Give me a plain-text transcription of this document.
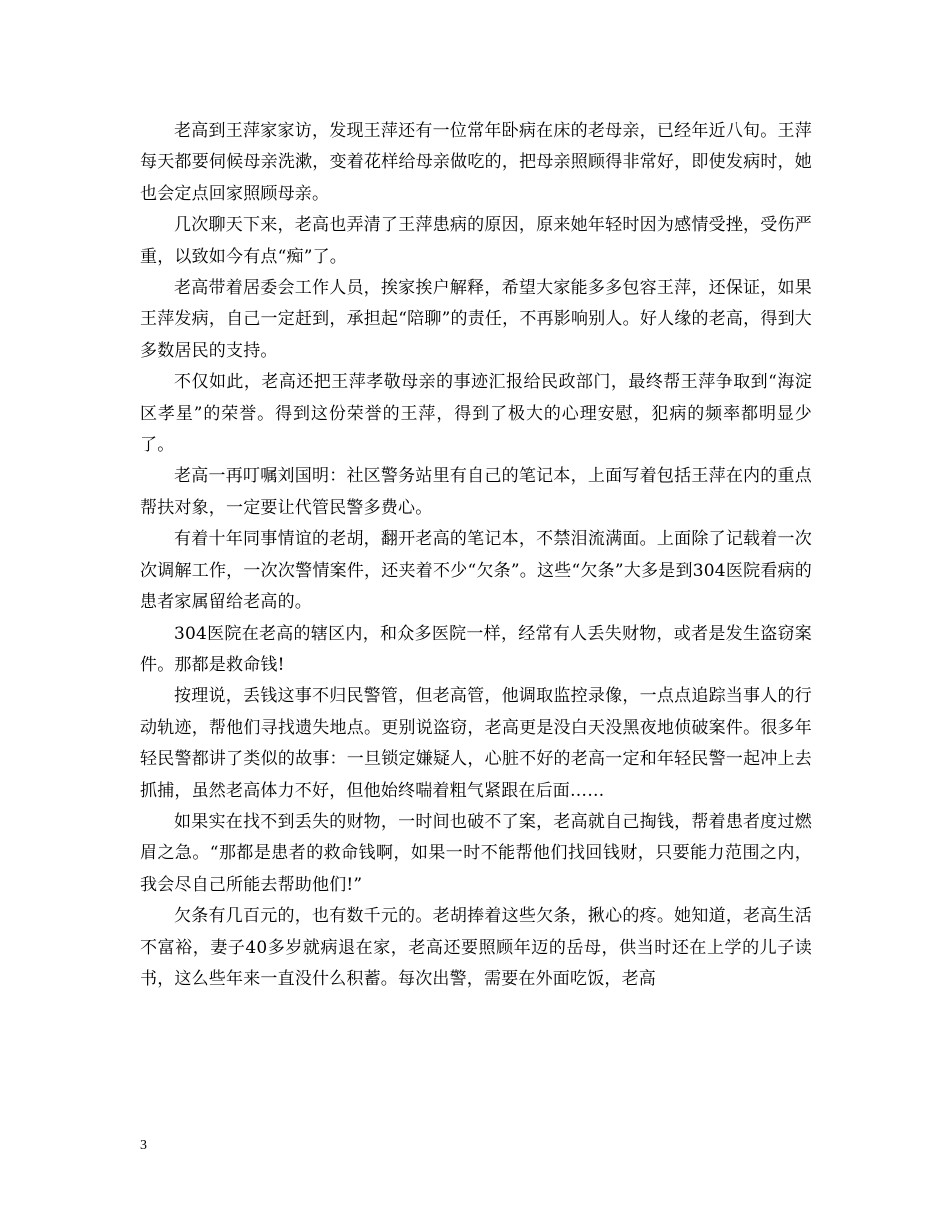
老高到王萍家家访，发现王萍还有一位常年卧病在床的老母亲，已经年近八旬。王萍每天都要伺候母亲洗漱，变着花样给母亲做吃的，把母亲照顾得非常好，即使发病时，她也会定点回家照顾母亲。

几次聊天下来，老高也弄清了王萍患病的原因，原来她年轻时因为感情受挫，受伤严重，以致如今有点“痴”了。

老高带着居委会工作人员，挨家挨户解释，希望大家能多多包容王萍，还保证，如果王萍发病，自己一定赶到，承担起“陪聊”的责任，不再影响别人。好人缘的老高，得到大多数居民的支持。

不仅如此，老高还把王萍孝敬母亲的事迹汇报给民政部门，最终帮王萍争取到“海淀区孝星”的荣誉。得到这份荣誉的王萍，得到了极大的心理安慰，犯病的频率都明显少了。

老高一再叮嘱刘国明：社区警务站里有自己的笔记本，上面写着包括王萍在内的重点帮扶对象，一定要让代管民警多费心。

有着十年同事情谊的老胡，翻开老高的笔记本，不禁泪流满面。上面除了记载着一次次调解工作，一次次警情案件，还夹着不少“欠条”。这些“欠条”大多是到304医院看病的患者家属留给老高的。

304医院在老高的辖区内，和众多医院一样，经常有人丢失财物，或者是发生盗窃案件。那都是救命钱!

按理说，丢钱这事不归民警管，但老高管，他调取监控录像，一点点追踪当事人的行动轨迹，帮他们寻找遗失地点。更别说盗窃，老高更是没白天没黑夜地侦破案件。很多年轻民警都讲了类似的故事：一旦锁定嫌疑人，心脏不好的老高一定和年轻民警一起冲上去抓捕，虽然老高体力不好，但他始终喘着粗气紧跟在后面……

如果实在找不到丢失的财物，一时间也破不了案，老高就自己掏钱，帮着患者度过燃眉之急。“那都是患者的救命钱啊，如果一时不能帮他们找回钱财，只要能力范围之内，我会尽自己所能去帮助他们!”

欠条有几百元的，也有数千元的。老胡捧着这些欠条，揪心的疼。她知道，老高生活不富裕，妻子40多岁就病退在家，老高还要照顾年迈的岳母，供当时还在上学的儿子读书，这么些年来一直没什么积蓄。每次出警，需要在外面吃饭，老高

3
